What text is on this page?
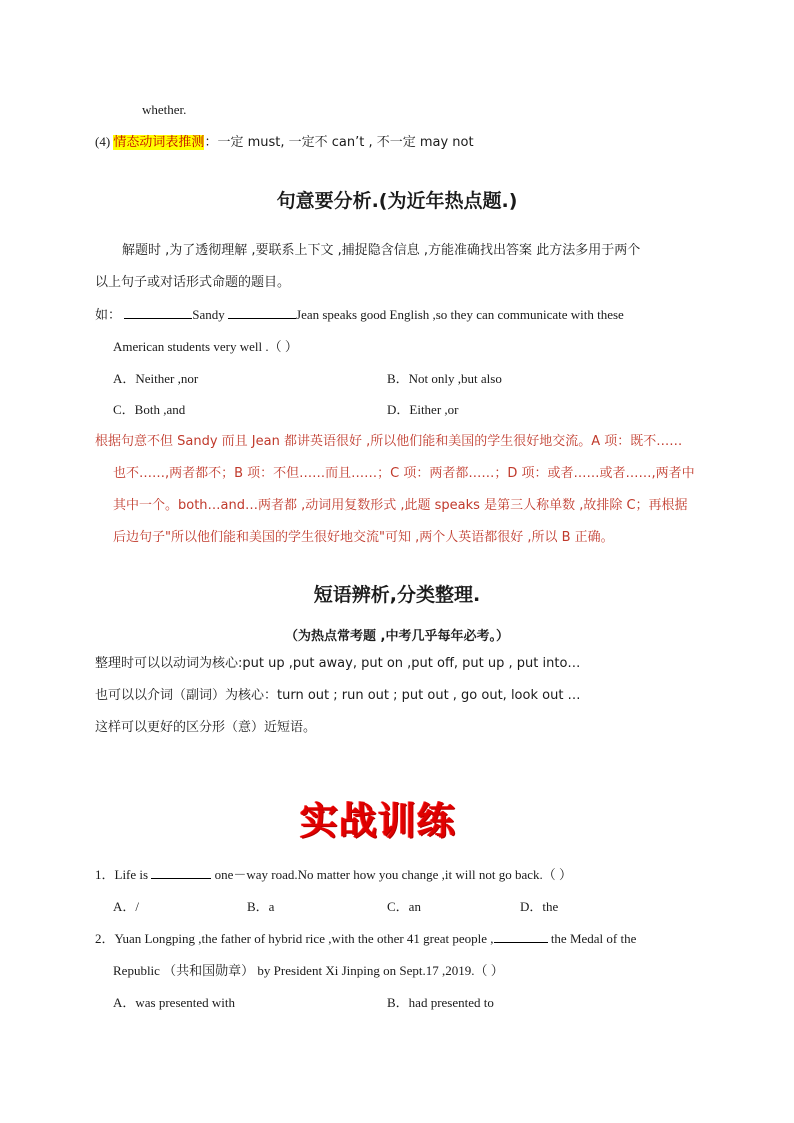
whether.
(4) 情态动词表推测：一定 must, 一定不 can’t , 不一定 may not
句意要分析.(为近年热点题.)
解题时 ,为了透彻理解 ,要联系上下文 ,捕捉隐含信息 ,方能准确找出答案 此方法多用于两个
以上句子或对话形式命题的题目。
如：	Sandy	Jean speaks good English ,so they can communicate with these
American students very well .（ ）
A．Neither ,nor	B．Not only ,but also
C．Both ,and	D．Either ,or
根据句意不但 Sandy 而且 Jean 都讲英语很好 ,所以他们能和美国的学生很好地交流。A 项：既不……
也不……,两者都不；B 项：不但……而且……；C 项：两者都……；D 项：或者……或者……,两者中
其中一个。both…and…两者都 ,动词用复数形式 ,此题 speaks 是第三人称单数 ,故排除 C；再根据
后边句子"所以他们能和美国的学生很好地交流"可知 ,两个人英语都很好 ,所以 B 正确。
短语辨析,分类整理.
（为热点常考题 ,中考几乎每年必考。）
整理时可以以动词为核心:put up ,put away, put on ,put off, put up , put into…
也可以以介词（副词）为核心：turn out ; run out ; put out , go out, look out …
这样可以更好的区分形（意）近短语。
实战训练
1．Life is	one－way road.No matter how you change ,it will not go back.（ ）
A．/	B．a	C．an	D．the
2．Yuan Longping ,the father of hybrid rice ,with the other 41 great people ,	the Medal of the
Republic （共和国勋章） by President Xi Jinping on Sept.17 ,2019.（ ）
A．was presented with	B．had presented to
